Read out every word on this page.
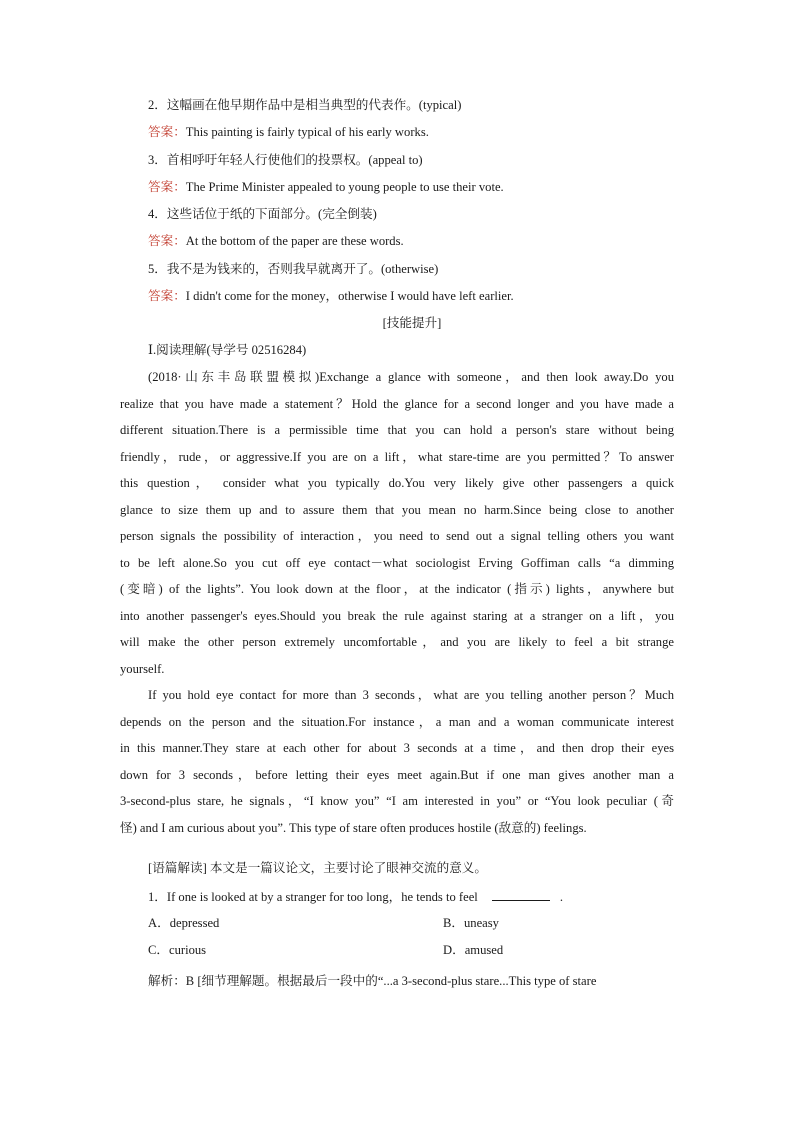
2．这幅画在他早期作品中是相当典型的代表作。(typical)
答案：This painting is fairly typical of his early works.
3．首相呼吁年轻人行使他们的投票权。(appeal to)
答案：The Prime Minister appealed to young people to use their vote.
4．这些话位于纸的下面部分。(完全倒装)
答案：At the bottom of the paper are these words.
5．我不是为钱来的，否则我早就离开了。(otherwise)
答案：I didn't come for the money，otherwise I would have left earlier.
[技能提升]
Ⅰ.阅读理解(导学号 02516284)
(2018·山东丰岛联盟模拟)Exchange a glance with someone，and then look away.Do you
realize that you have made a statement？Hold the glance for a second longer and you have made a
different situation.There is a permissible time that you can hold a person's stare without being
friendly，rude，or aggressive.If you are on a lift，what stare-time are you permitted？To answer
this question， consider what you typically do.You very likely give other passengers a quick
glance to size them up and to assure them that you mean no harm.Since being close to another
person signals the possibility of interaction，you need to send out a signal telling others you want
to be left alone.So you cut off eye contact－what sociologist Erving Goffiman calls “a dimming
(变暗) of the lights”. You look down at the floor，at the indicator (指示) lights，anywhere but
into another passenger's eyes.Should you break the rule against staring at a stranger on a lift，you
will make the other person extremely uncomfortable，and you are likely to feel a bit strange
yourself.
If you hold eye contact for more than 3 seconds，what are you telling another person？Much
depends on the person and the situation.For instance，a man and a woman communicate interest
in this manner.They stare at each other for about 3 seconds at a time，and then drop their eyes
down for 3 seconds，before letting their eyes meet again.But if one man gives another man a
3-second-plus stare, he signals，“I know you” “I am interested in you” or “You look peculiar (奇
怪) and I am curious about you”. This type of stare often produces hostile (敌意的) feelings.
[语篇解读] 本文是一篇议论文，主要讨论了眼神交流的意义。
1．If one is looked at by a stranger for too long，he tends to feel	.
A．depressed	B．uneasy
C．curious	D．amused
解析：B [细节理解题。根据最后一段中的“...a 3-second-plus stare...This type of stare
